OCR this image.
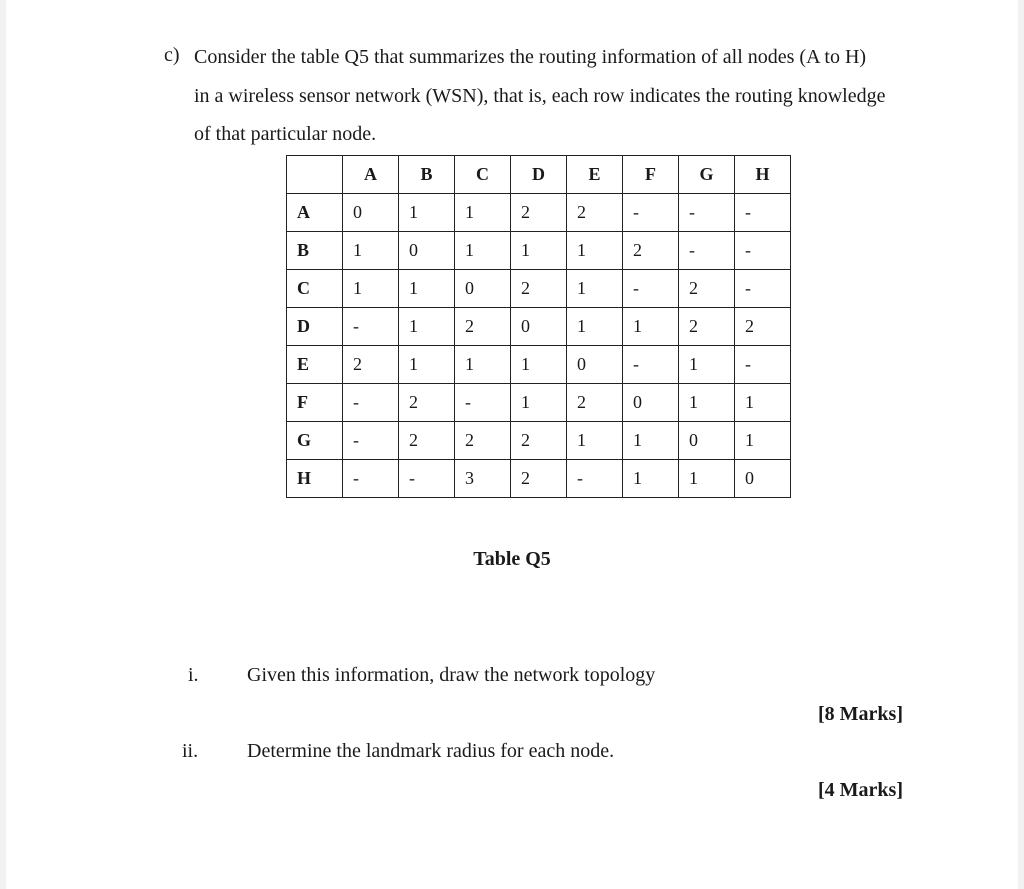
c) Consider the table Q5 that summarizes the routing information of all nodes (A to H)
in a wireless sensor network (WSN), that is, each row indicates the routing knowledge
of that particular node.

	A	B	C	D	E	F	G	H
A	0	1	1	2	2	-	-	-
B	1	0	1	1	1	2	-	-
C	1	1	0	2	1	-	2	-
D	-	1	2	0	1	1	2	2
E	2	1	1	1	0	-	1	-
F	-	2	-	1	2	0	1	1
G	-	2	2	2	1	1	0	1
H	-	-	3	2	-	1	1	0
Table Q5
i. Given this information, draw the network topology
[8 Marks]
ii. Determine the landmark radius for each node.
[4 Marks]
